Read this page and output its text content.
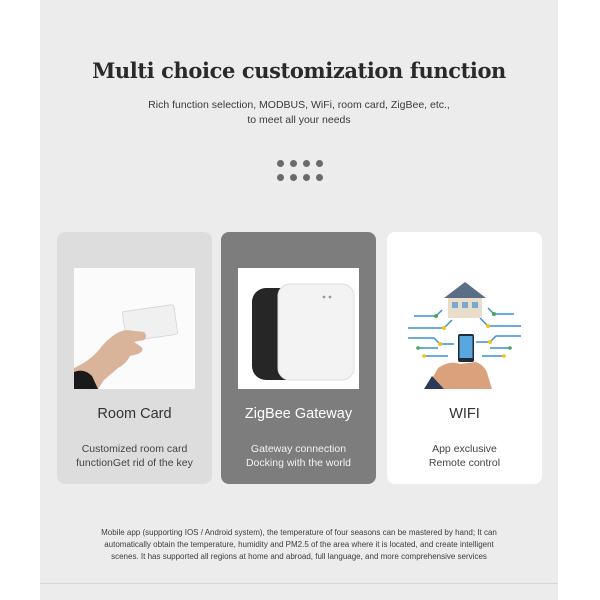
Multi choice customization function
Rich function selection, MODBUS, WiFi, room card, ZigBee, etc.,
to meet all your needs
Room Card
Customized room card
functionGet rid of the key
ZigBee Gateway
Gateway connection
Docking with the world
WIFI
App exclusive
Remote control
Mobile app (supporting IOS / Android system), the temperature of four seasons can be mastered by hand; It can
automatically obtain the temperature, humidity and PM2.5 of the area where it is located, and create intelligent
scenes. It has supported all regions at home and abroad, full language, and more comprehensive services
